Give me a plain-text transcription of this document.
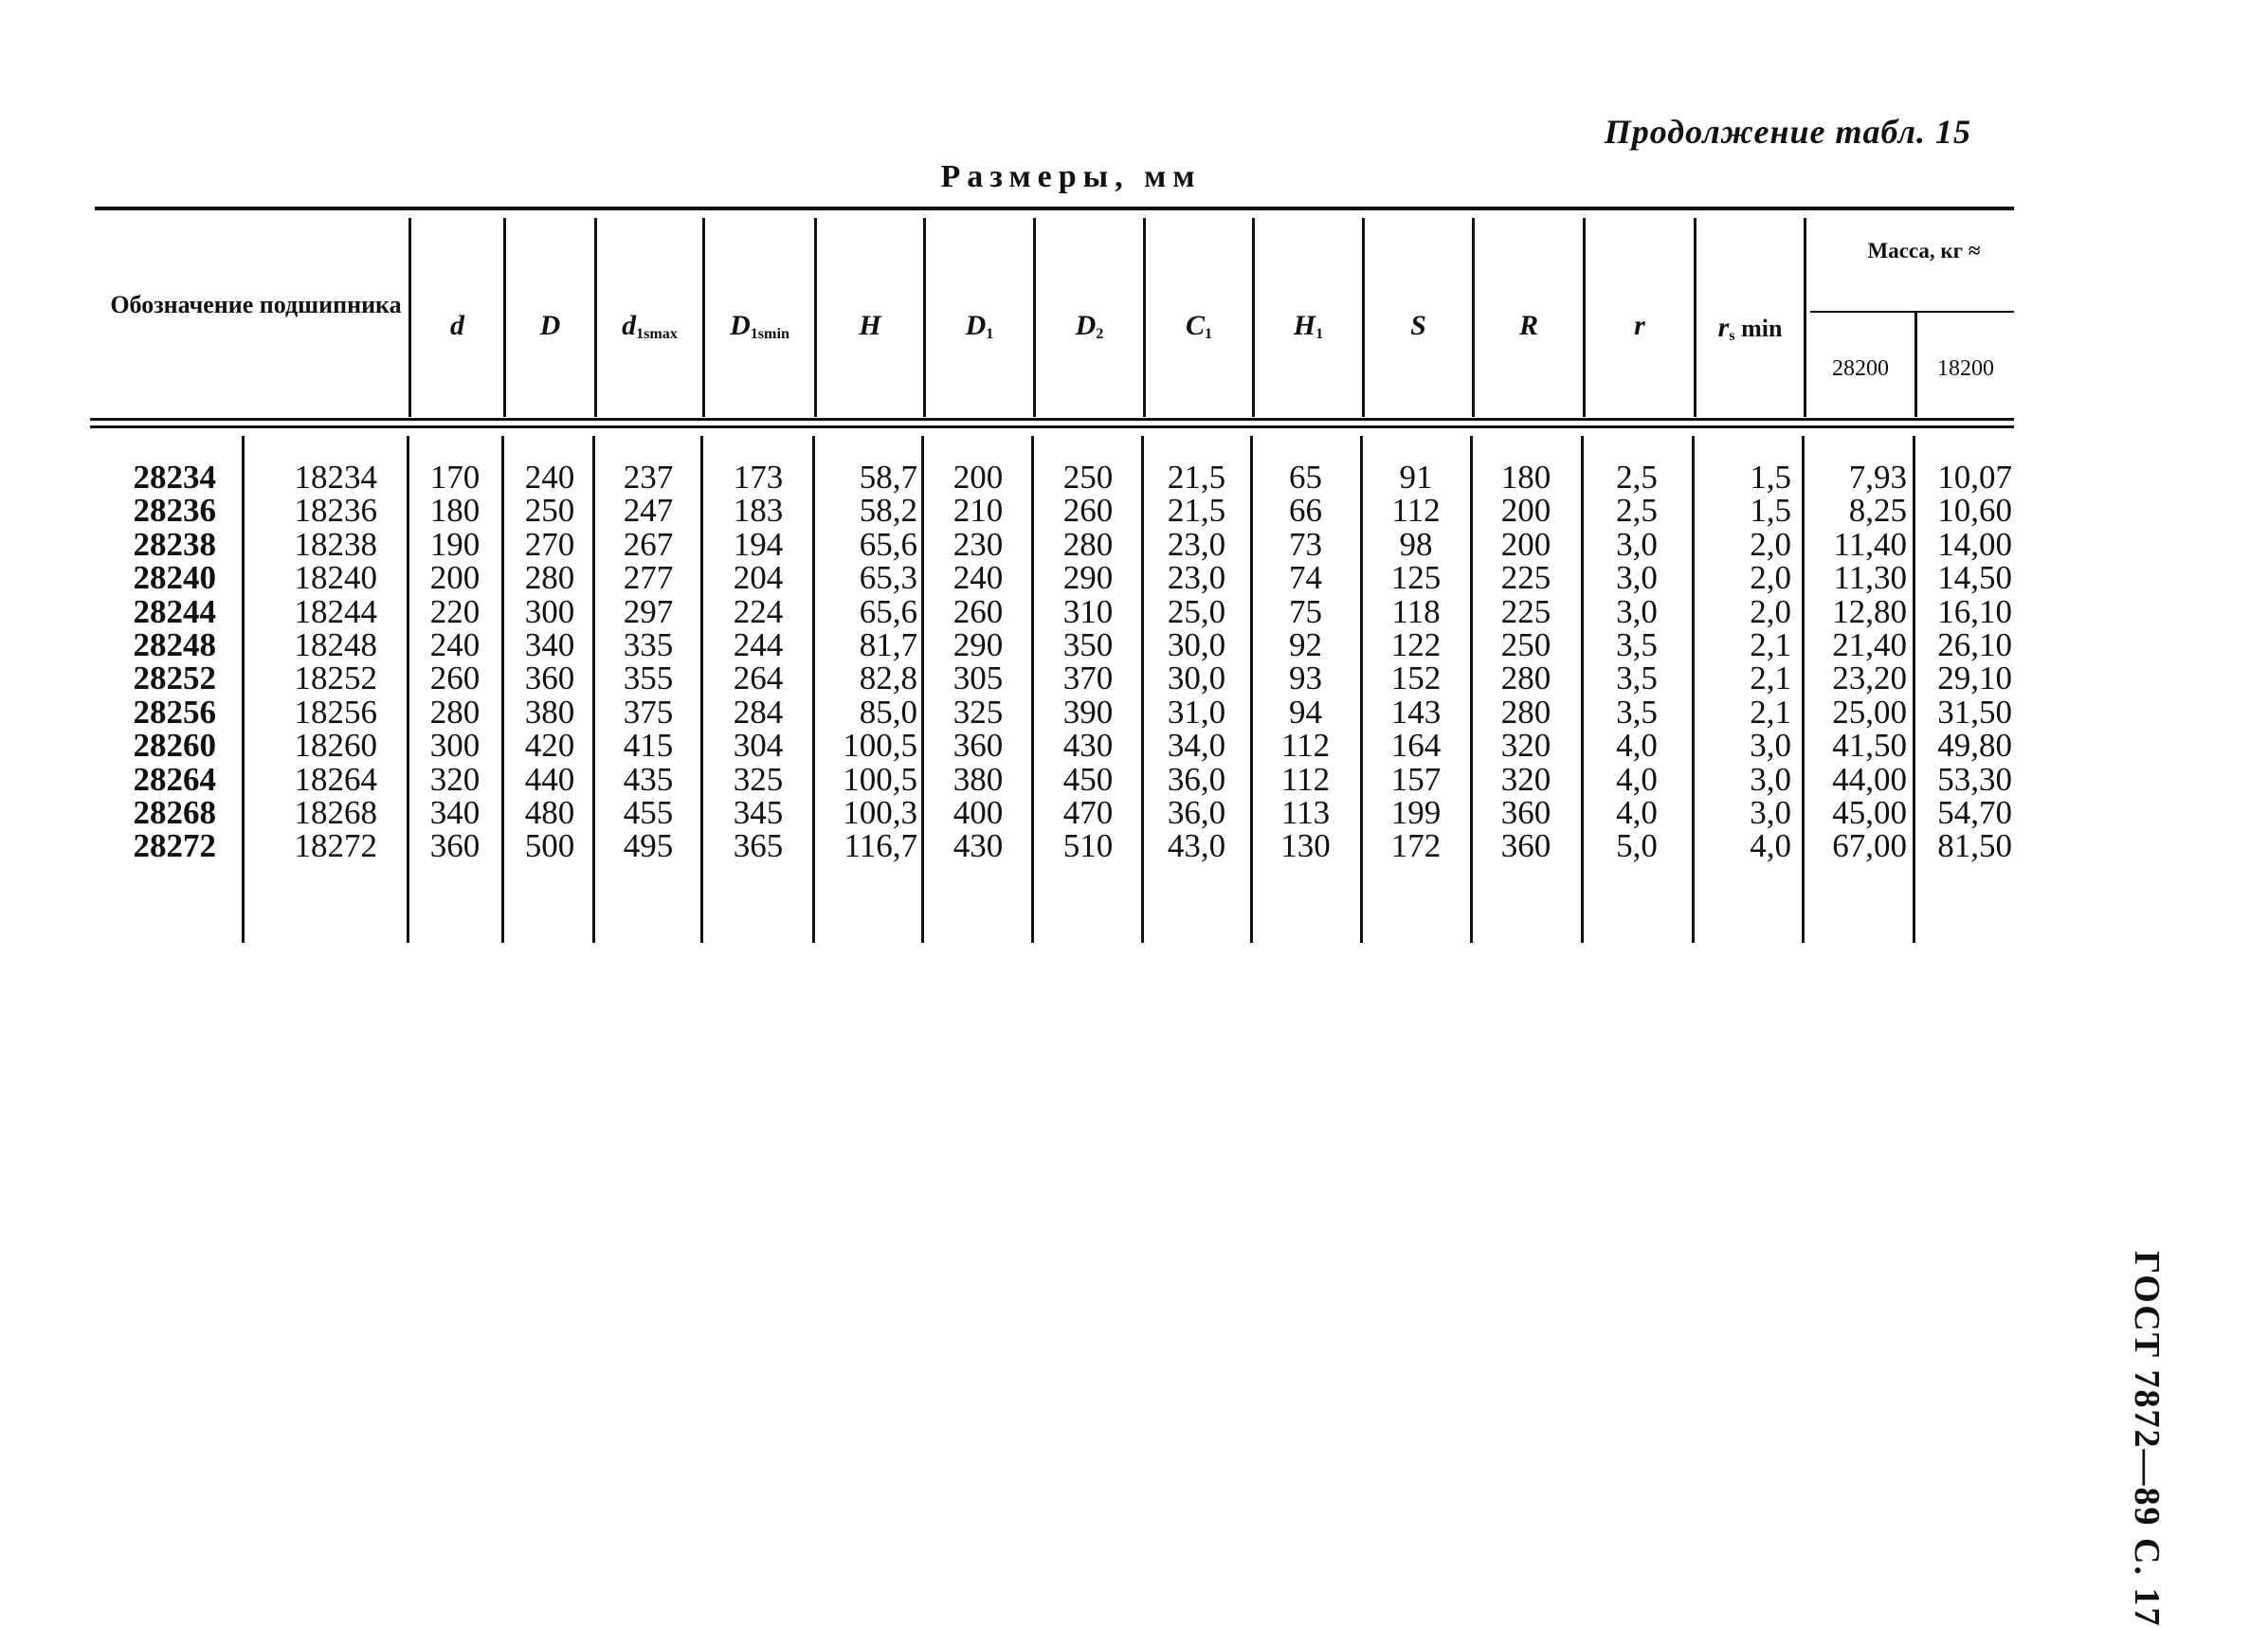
Продолжение табл. 15
Размеры, мм
Обозначение подшипника
d	D	$d_{1smax}$	$D_{1smin}$	H	$D_1$	$D_2$	$C_1$	$H_1$	S	R	r	$r_s$ min
Масса, кг ≈
28200	18200
28234	18234	170	240	237	173	58,7	200	250	21,5	65	91	180	2,5	1,5	7,93 10,07
28236	18236	180	250	247	183	58,2	210	260	21,5	66	112	200	2,5	1,5	8,25 10,60
28238	18238	190	270	267	194	65,6	230	280	23,0	73	98	200	3,0	2,0	11,40 14,00
28240	18240	200	280	277	204	65,3	240	290	23,0	74	125	225	3,0	2,0	11,30 14,50
28244	18244	220	300	297	224	65,6	260	310	25,0	75	118	225	3,0	2,0	12,80 16,10
28248	18248	240	340	335	244	81,7	290	350	30,0	92	122	250	3,5	2,1	21,40 26,10
28252	18252	260	360	355	264	82,8	305	370	30,0	93	152	280	3,5	2,1	23,20 29,10
28256	18256	280	380	375	284	85,0	325	390	31,0	94	143	280	3,5	2,1	25,00 31,50
28260	18260	300	420	415	304	100,5	360	430	34,0	112	164	320	4,0	3,0	41,50 49,80
28264	18264	320	440	435	325	100,5	380	450	36,0	112	157	320	4,0	3,0	44,00 53,30
28268	18268	340	480	455	345	100,3	400	470	36,0	113	199	360	4,0	3,0	45,00 54,70
28272	18272	360	500	495	365	116,7	430	510	43,0	130	172	360	5,0	4,0	67,00 81,50
ГОСТ 7872—89 С. 17
